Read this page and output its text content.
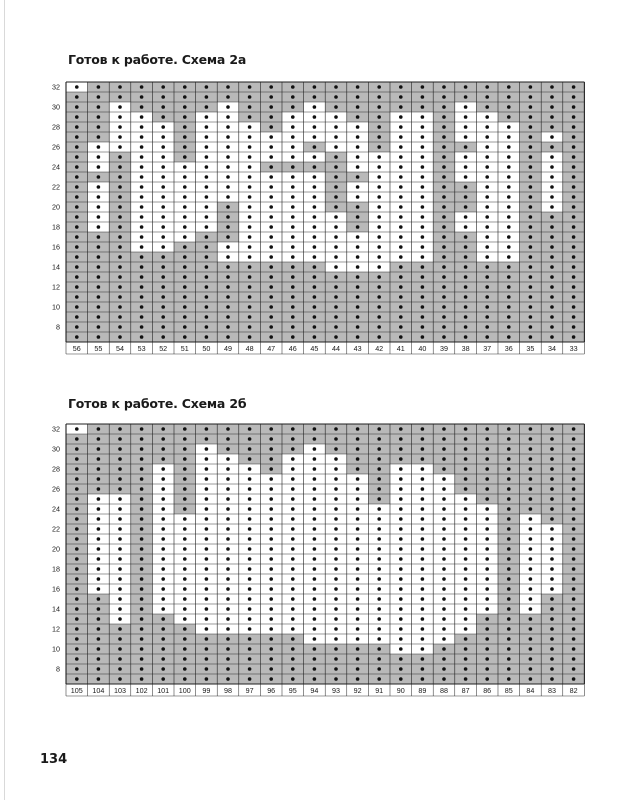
Готов к работе. Схема 2а
32
30
28
26
24
22
20
18
16
14
12
10
8
56 55 54 53 52 51 50 49 48 47 46 45 44 43 42 41 40 39 38 37 36 35 34 33
Готов к работе. Схема 2б
32
30
28
26
24
22
20
18
16
14
12
10
8
105 104 103 102 101 100 99 98 97 96 95 94 93 92 91 90 89 88 87 86 85 84 83 82
134
